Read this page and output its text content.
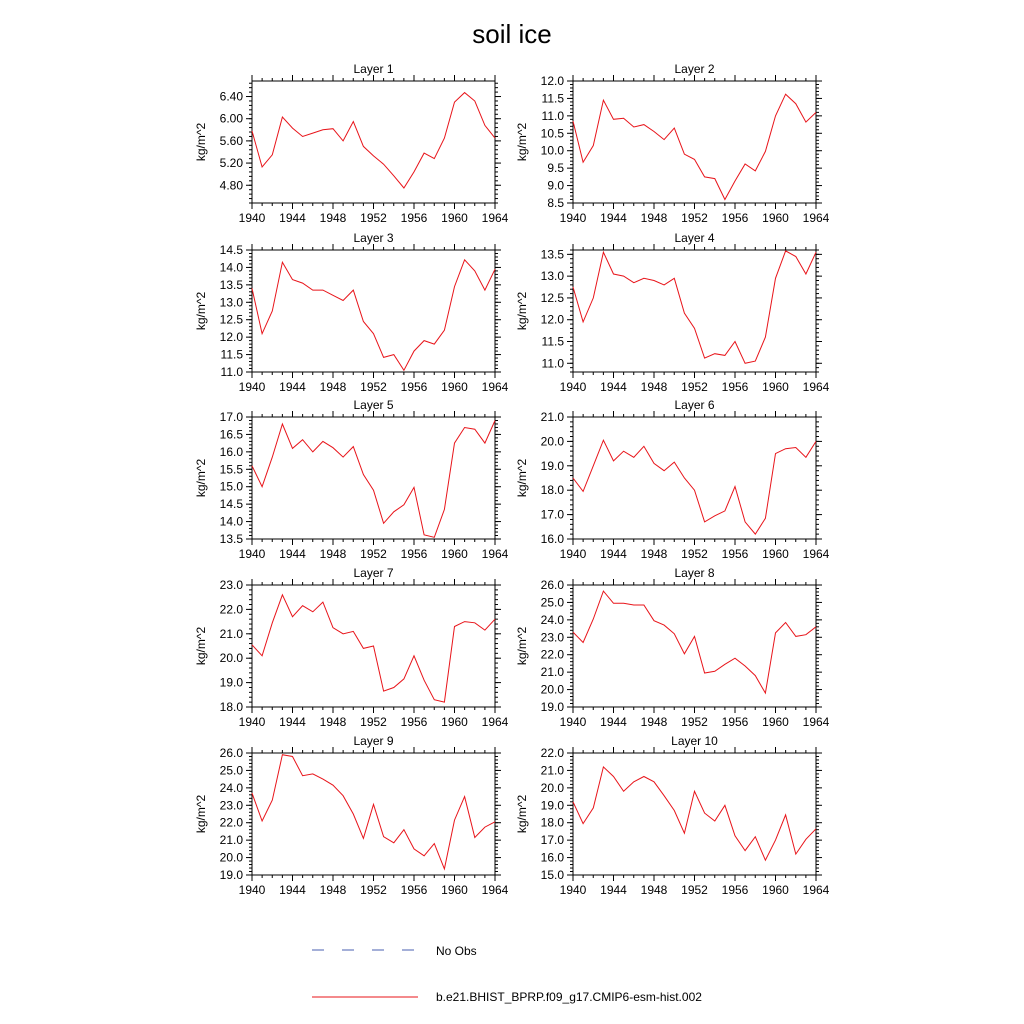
soil ice
Layer 1
kg/m^2
1940 1944 1948 1952 1956 1960 1964
4.80
5.20
5.60
6.00
6.40
Layer 2
kg/m^2
1940 1944 1948 1952 1956 1960 1964
8.5
9.0
9.5
10.0
10.5
11.0
11.5
12.0
Layer 3
kg/m^2
1940 1944 1948 1952 1956 1960 1964
11.0
11.5
12.0
12.5
13.0
13.5
14.0
14.5
Layer 4
kg/m^2
1940 1944 1948 1952 1956 1960 1964
11.0
11.5
12.0
12.5
13.0
13.5
Layer 5
kg/m^2
1940 1944 1948 1952 1956 1960 1964
13.5
14.0
14.5
15.0
15.5
16.0
16.5
17.0
Layer 6
kg/m^2
1940 1944 1948 1952 1956 1960 1964
16.0
17.0
18.0
19.0
20.0
21.0
Layer 7
kg/m^2
1940 1944 1948 1952 1956 1960 1964
18.0
19.0
20.0
21.0
22.0
23.0
Layer 8
kg/m^2
1940 1944 1948 1952 1956 1960 1964
19.0
20.0
21.0
22.0
23.0
24.0
25.0
26.0
Layer 9
kg/m^2
1940 1944 1948 1952 1956 1960 1964
19.0
20.0
21.0
22.0
23.0
24.0
25.0
26.0
Layer 10
kg/m^2
1940 1944 1948 1952 1956 1960 1964
15.0
16.0
17.0
18.0
19.0
20.0
21.0
22.0
No Obs
b.e21.BHIST_BPRP.f09_g17.CMIP6-esm-hist.002
